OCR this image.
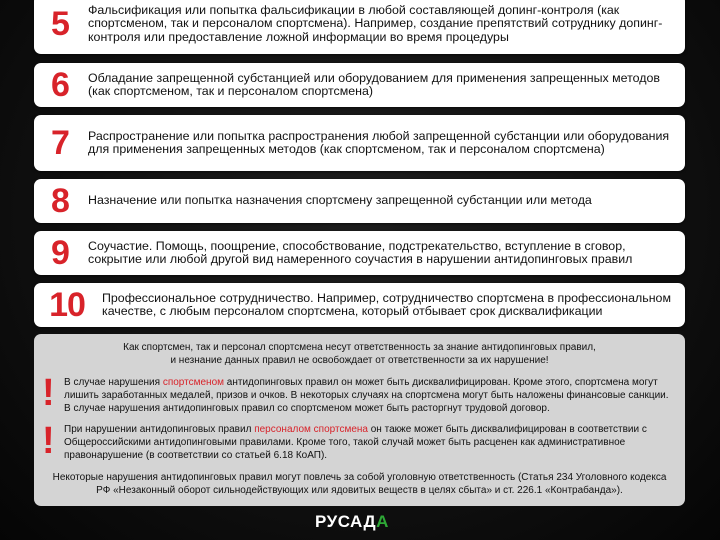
5	Фальсификация или попытка фальсификации в любой составляющей допинг-контроля (как спортсменом, так и персоналом спортсмена). Например, создание препятствий сотруднику допинг-контроля или предоставление ложной информации во время процедуры
6	Обладание запрещенной субстанцией или оборудованием для применения запрещенных методов (как спортсменом, так и персоналом спортсмена)
7	Распространение или попытка распространения любой запрещенной субстанции или оборудования для применения запрещенных методов (как спортсменом, так и персоналом спортсмена)
8	Назначение или попытка назначения спортсмену запрещенной субстанции или метода
9	Соучастие. Помощь, поощрение, способствование, подстрекательство, вступление в сговор, сокрытие или любой другой вид намеренного соучастия в нарушении антидопинговых правил
10	Профессиональное сотрудничество. Например, сотрудничество спортсмена в профессиональном качестве, с любым персоналом спортсмена, который отбывает срок дисквалификации
Как спортсмен, так и персонал спортсмена несут ответственность за знание антидопинговых правил,
и незнание данных правил не освобождает от ответственности за их нарушение!
! В случае нарушения спортсменом антидопинговых правил он может быть дисквалифицирован. Кроме этого, спортсмена могут лишить заработанных медалей, призов и очков. В некоторых случаях на спортсмена могут быть наложены финансовые санкции. В случае нарушения антидопинговых правил со спортсменом может быть расторгнут трудовой договор.
! При нарушении антидопинговых правил персоналом спортсмена он также может быть дисквалифицирован в соответствии с Общероссийскими антидопинговыми правилами. Кроме того, такой случай может быть расценен как административное правонарушение (в соответствии со статьей 6.18 КоАП).
Некоторые нарушения антидопинговых правил могут повлечь за собой уголовную ответственность (Статья 234 Уголовного кодекса РФ «Незаконный оборот сильнодействующих или ядовитых веществ в целях сбыта» и ст. 226.1 «Контрабанда»).
РУСАДА
